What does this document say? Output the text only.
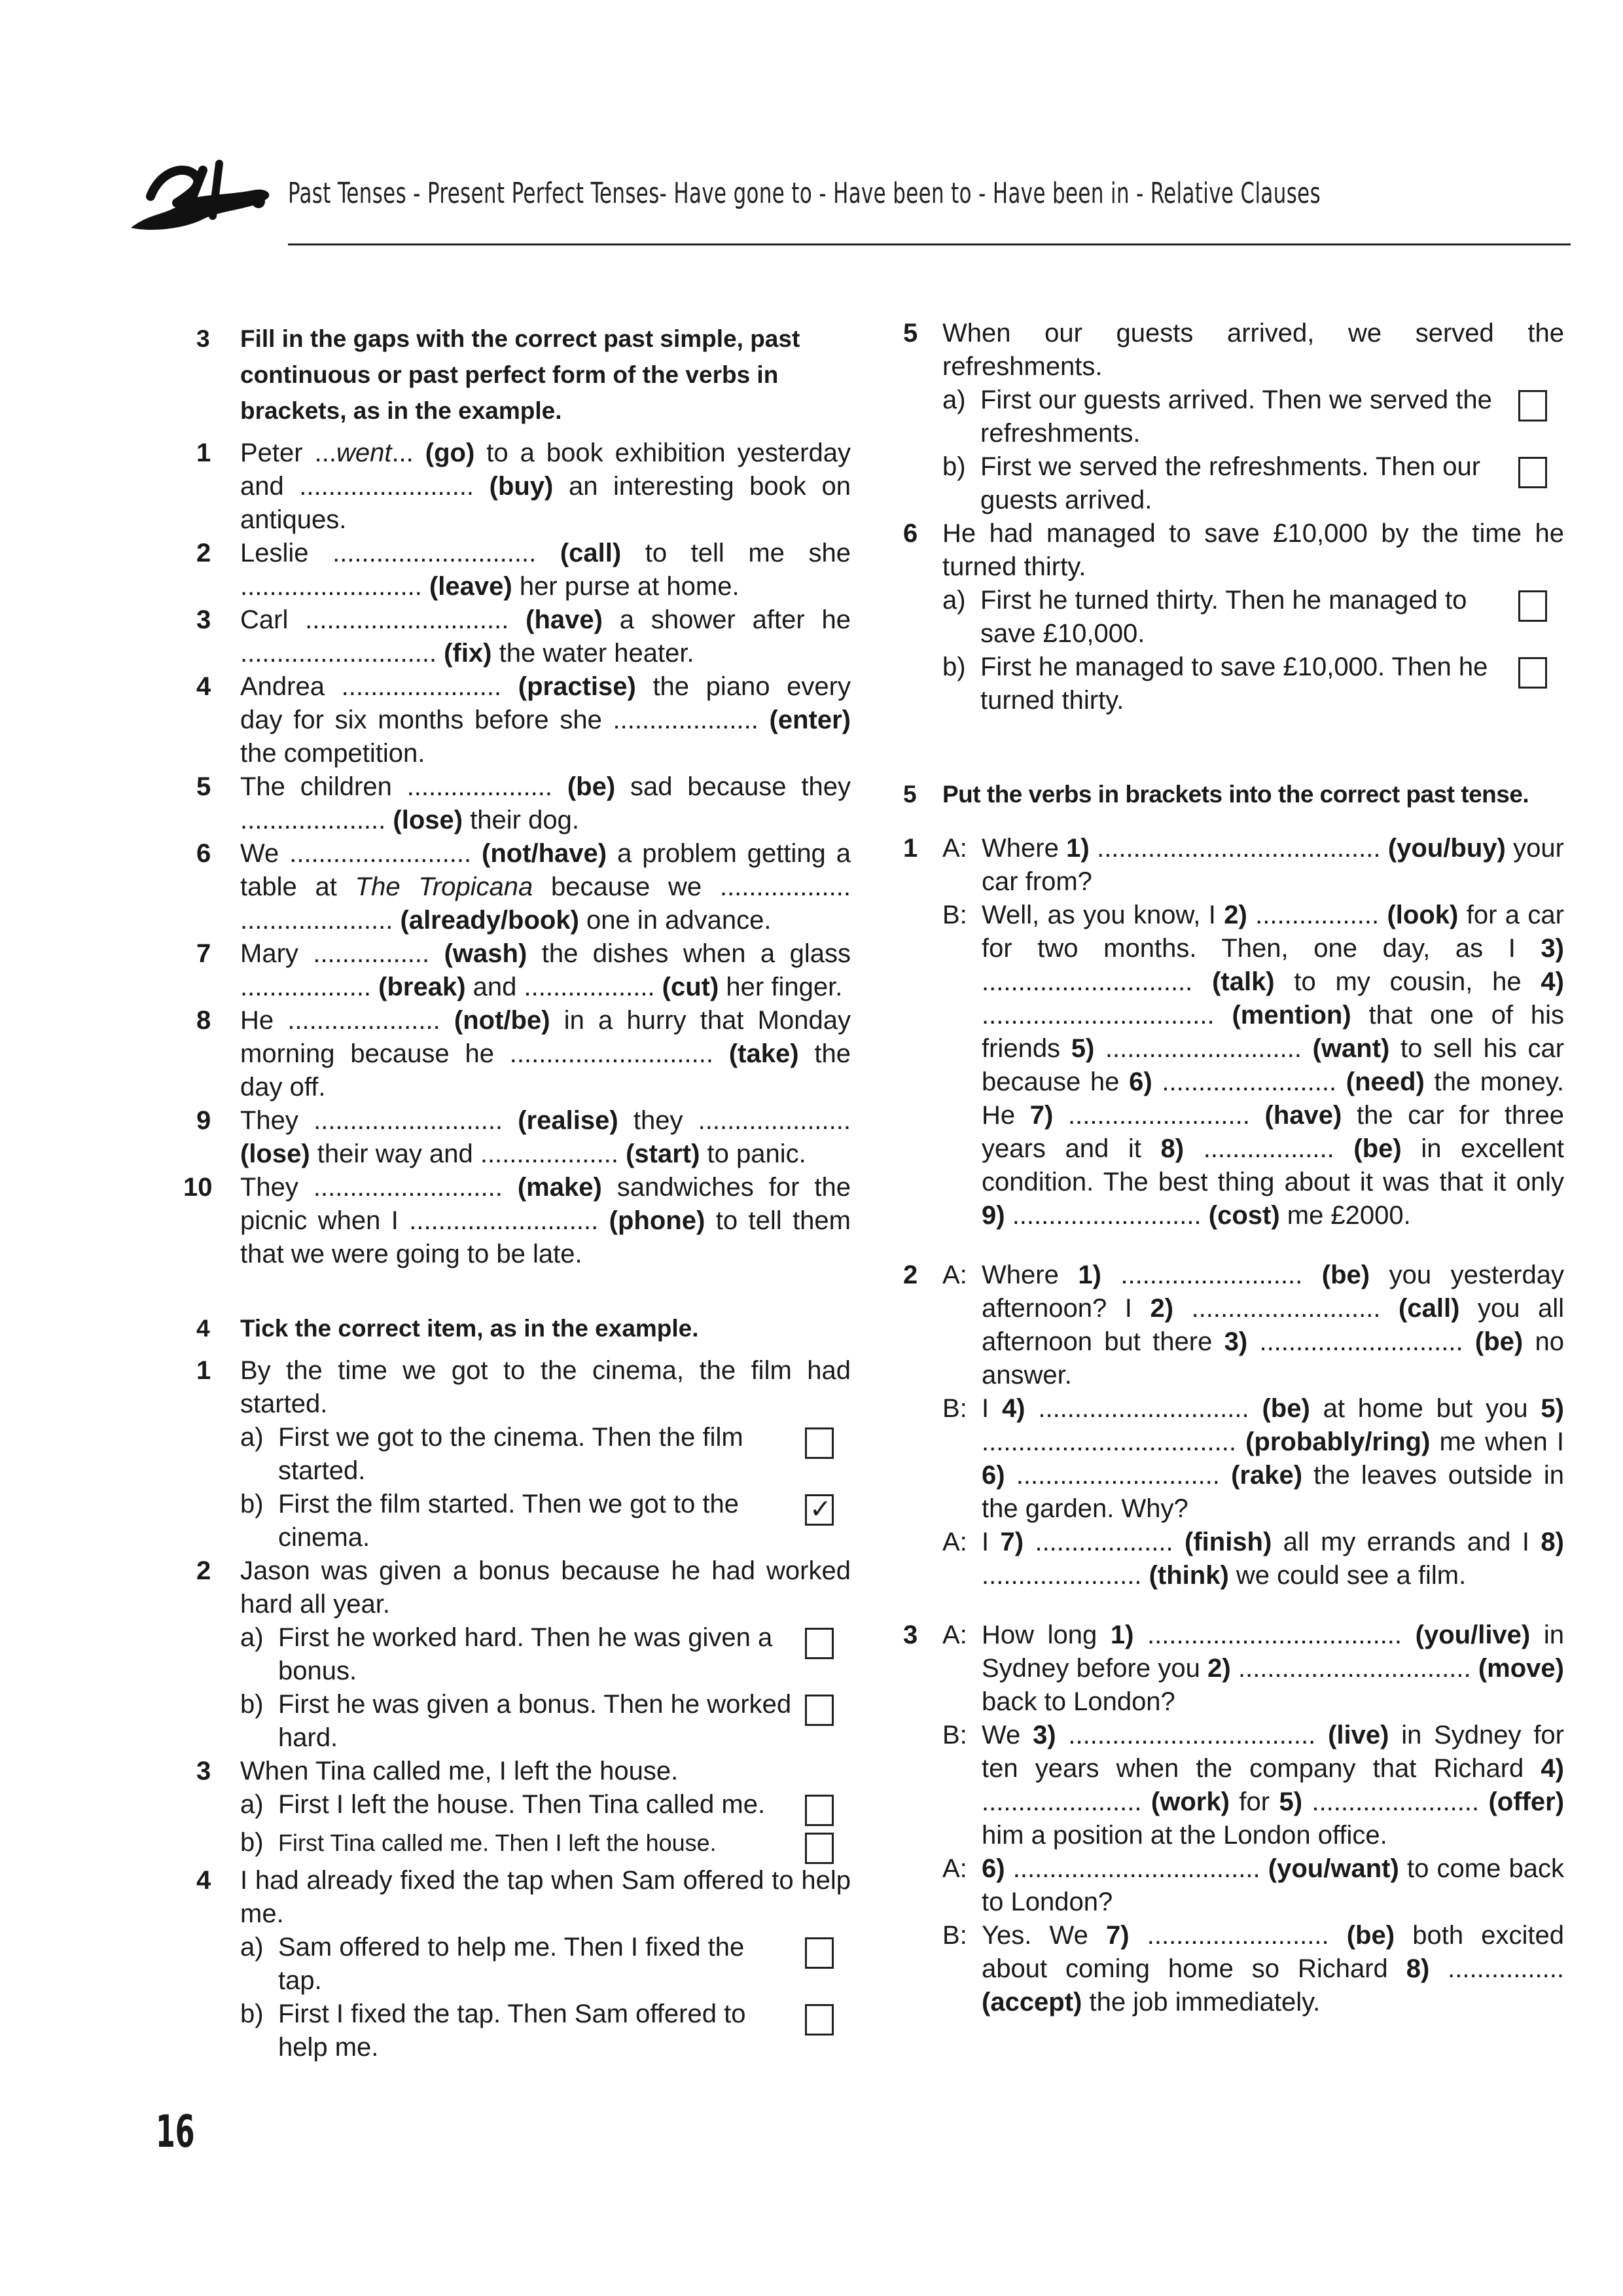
Past Tenses - Present Perfect Tenses- Have gone to - Have been to - Have been in - Relative Clauses
3	Fill in the gaps with the correct past simple, past continuous or past perfect form of the verbs in brackets, as in the example.
1	Peter ...went... (go) to a book exhibition yesterday and ........................ (buy) an interesting book on antiques.
2	Leslie ............................ (call) to tell me she ......................... (leave) her purse at home.
3	Carl ............................ (have) a shower after he ........................... (fix) the water heater.
4	Andrea ...................... (practise) the piano every day for six months before she .................... (enter) the competition.
5	The children .................... (be) sad because they .................... (lose) their dog.
6	We ......................... (not/have) a problem getting a table at The Tropicana because we .................. ..................... (already/book) one in advance.
7	Mary ................ (wash) the dishes when a glass .................. (break) and .................. (cut) her finger.
8	He ..................... (not/be) in a hurry that Monday morning because he ............................ (take) the day off.
9	They .......................... (realise) they ..................... (lose) their way and ................... (start) to panic.
10	They .......................... (make) sandwiches for the picnic when I .......................... (phone) to tell them that we were going to be late.
4	Tick the correct item, as in the example.
1	By the time we got to the cinema, the film had started.
a) First we got to the cinema. Then the film started.
b) First the film started. Then we got to the cinema.
✓
2	Jason was given a bonus because he had worked hard all year.
a) First he worked hard. Then he was given a bonus.
b) First he was given a bonus. Then he worked hard.
3	When Tina called me, I left the house.
a) First I left the house. Then Tina called me.
b) First Tina called me. Then I left the house.
4	I had already fixed the tap when Sam offered to help me.
a) Sam offered to help me. Then I fixed the tap.
b) First I fixed the tap. Then Sam offered to help me.
5 When our guests arrived, we served the refreshments.
a) First our guests arrived. Then we served the refreshments.
b) First we served the refreshments. Then our guests arrived.
6 He had managed to save £10,000 by the time he turned thirty.
a) First he turned thirty. Then he managed to save £10,000.
b) First he managed to save £10,000. Then he turned thirty.
5	Put the verbs in brackets into the correct past tense.
1 A: Where 1) ....................................... (you/buy) your car from?
B: Well, as you know, I 2) ................. (look) for a car for two months. Then, one day, as I 3) ............................. (talk) to my cousin, he 4) ................................ (mention) that one of his friends 5) ........................... (want) to sell his car because he 6) ........................ (need) the money. He 7) ......................... (have) the car for three years and it 8) .................. (be) in excellent condition. The best thing about it was that it only 9) .......................... (cost) me £2000.
2 A: Where 1) ......................... (be) you yesterday afternoon? I 2) .......................... (call) you all afternoon but there 3) ............................ (be) no answer.
B: I 4) ............................. (be) at home but you 5) ................................... (probably/ring) me when I 6) ............................ (rake) the leaves outside in the garden. Why?
A: I 7) ................... (finish) all my errands and I 8) ...................... (think) we could see a film.
3 A: How long 1) ................................... (you/live) in Sydney before you 2) ................................ (move) back to London?
B: We 3) .................................. (live) in Sydney for ten years when the company that Richard 4) ...................... (work) for 5) ....................... (offer) him a position at the London office.
A: 6) .................................. (you/want) to come back to London?
B: Yes. We 7) ......................... (be) both excited about coming home so Richard 8) ................ (accept) the job immediately.
16
